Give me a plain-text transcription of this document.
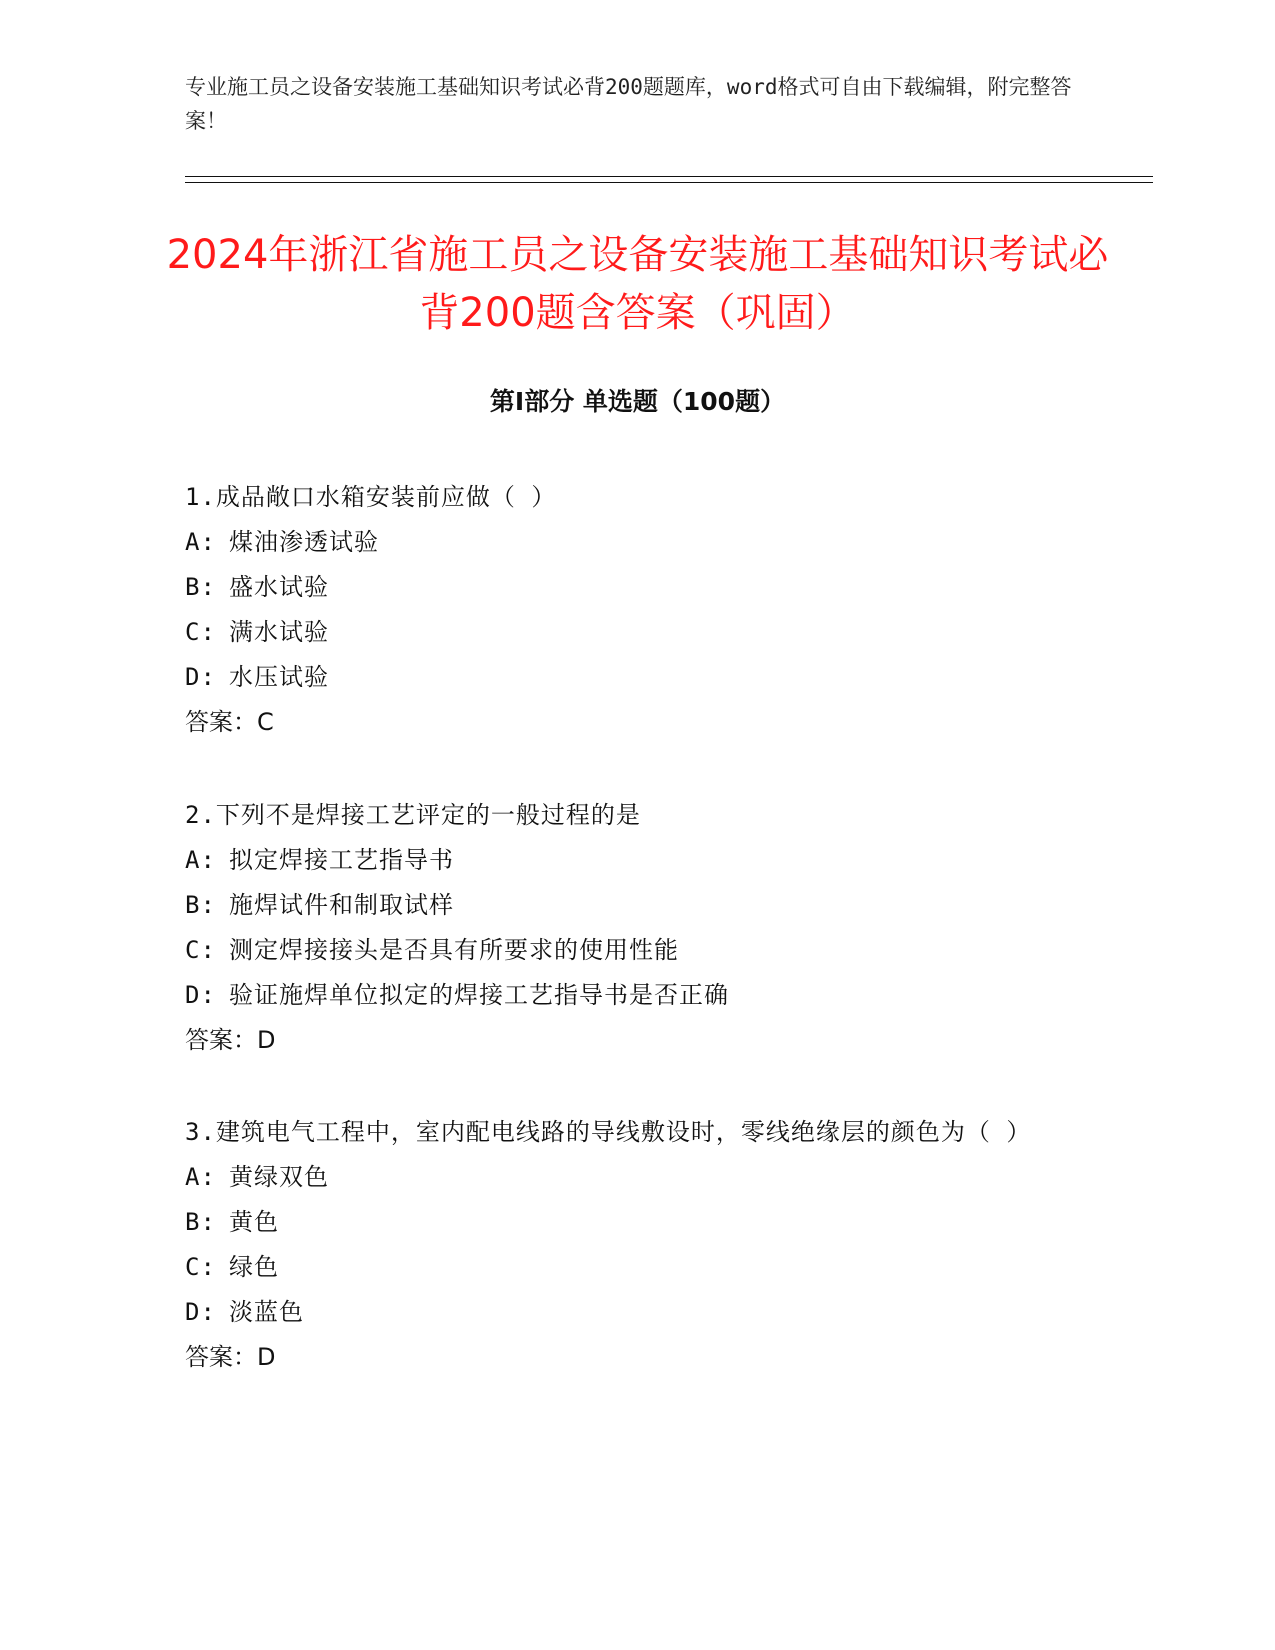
专业施工员之设备安装施工基础知识考试必背200题题库，word格式可自由下载编辑，附完整答案！

2024年浙江省施工员之设备安装施工基础知识考试必背200题含答案（巩固）
第I部分 单选题（100题）

1.成品敞口水箱安装前应做（ ）

A: 煤油渗透试验
B: 盛水试验
C: 满水试验
D: 水压试验
答案：C

2.下列不是焊接工艺评定的一般过程的是

A: 拟定焊接工艺指导书
B: 施焊试件和制取试样
C: 测定焊接接头是否具有所要求的使用性能
D: 验证施焊单位拟定的焊接工艺指导书是否正确
答案：D

3.建筑电气工程中，室内配电线路的导线敷设时，零线绝缘层的颜色为（ ）

A: 黄绿双色
B: 黄色
C: 绿色
D: 淡蓝色
答案：D
